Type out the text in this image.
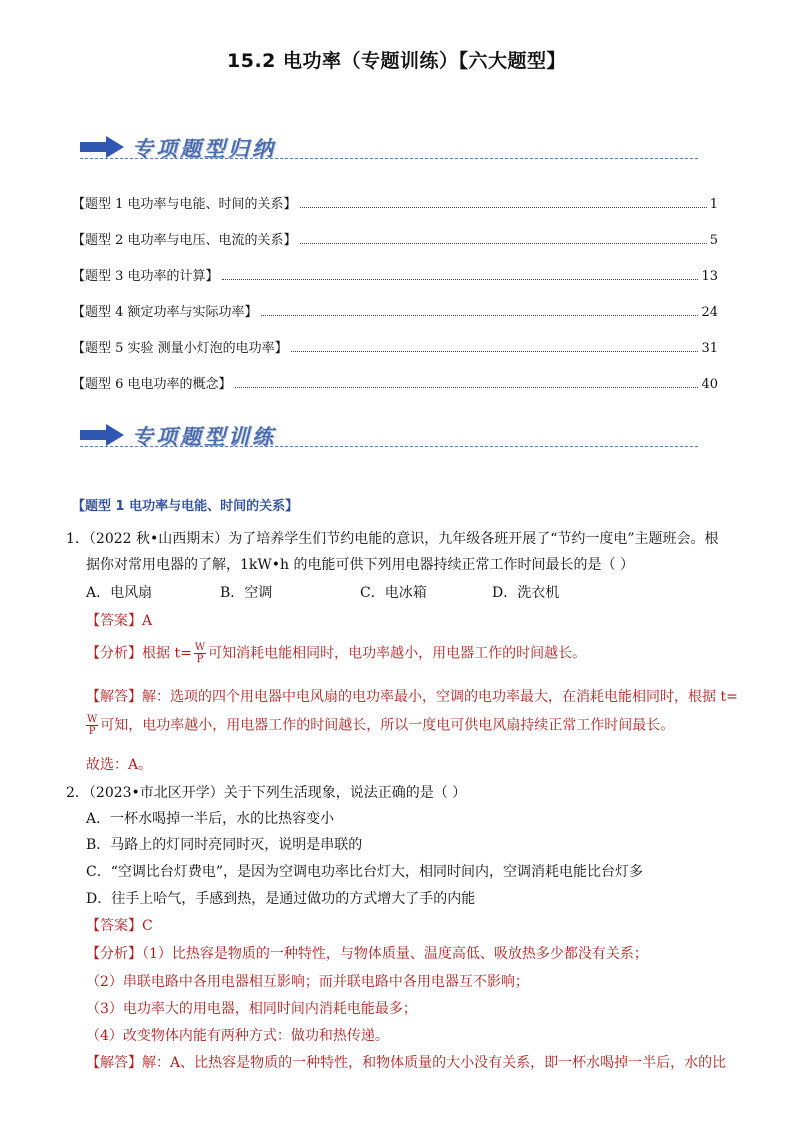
15.2 电功率（专题训练）【六大题型】
专项题型归纳
【题型 1 电功率与电能、时间的关系】	1
【题型 2 电功率与电压、电流的关系】	5
【题型 3 电功率的计算】	13
【题型 4 额定功率与实际功率】	24
【题型 5 实验 测量小灯泡的电功率】	31
【题型 6 电电功率的概念】	40
专项题型训练
【题型 1 电功率与电能、时间的关系】
1．（2022 秋•山西期末）为了培养学生们节约电能的意识，九年级各班开展了“节约一度电”主题班会。根
据你对常用电器的了解，1kW•h 的电能可供下列用电器持续正常工作时间最长的是（ ）
A．电风扇	B．空调	C．电冰箱	D．洗衣机
【答案】A
【分析】根据 $t= \frac{W}{P}$ 可知消耗电能相同时，电功率越小，用电器工作的时间越长。
【解答】解：选项的四个用电器中电风扇的电功率最小，空调的电功率最大，在消耗电能相同时，根据 t=
$\frac{W}{P}$ 可知，电功率越小，用电器工作的时间越长，所以一度电可供电风扇持续正常工作时间最长。
故选：A。
2．（2023•市北区开学）关于下列生活现象，说法正确的是（ ）
A．一杯水喝掉一半后，水的比热容变小
B．马路上的灯同时亮同时灭，说明是串联的
C．“空调比台灯费电”，是因为空调电功率比台灯大，相同时间内，空调消耗电能比台灯多
D．往手上哈气，手感到热，是通过做功的方式增大了手的内能
【答案】C
【分析】（1）比热容是物质的一种特性，与物体质量、温度高低、吸放热多少都没有关系；
（2）串联电路中各用电器相互影响；而并联电路中各用电器互不影响；
（3）电功率大的用电器，相同时间内消耗电能最多；
（4）改变物体内能有两种方式：做功和热传递。
【解答】解：A、比热容是物质的一种特性，和物体质量的大小没有关系，即一杯水喝掉一半后，水的比
